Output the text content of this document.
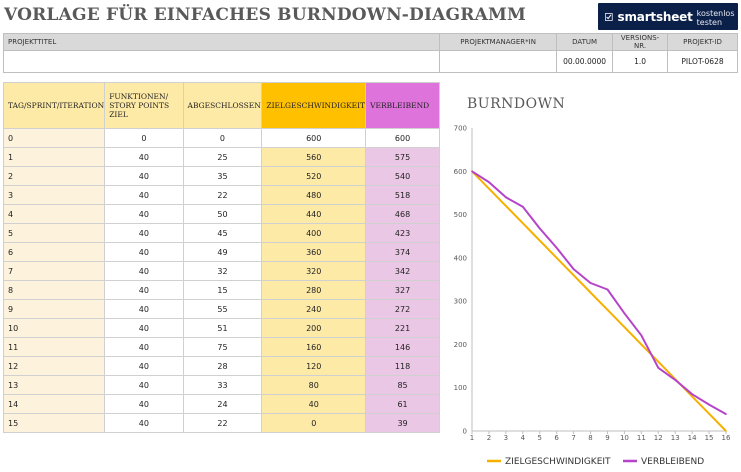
VORLAGE FÜR EINFACHES BURNDOWN-DIAGRAMM	smartsheet kostenlos testen
PROJEKTTITEL	PROJEKTMANAGER*IN	DATUM	VERSIONS-NR.	PROJEKT-ID
		00.00.0000	1.0	PILOT-0628
TAG/SPRINT/ITERATION	FUNKTIONEN/ STORY POINTS ZIEL	ABGESCHLOSSEN	ZIELGESCHWINDIGKEIT	VERBLEIBEND
0	0	0	600	600
1	40	25	560	575
2	40	35	520	540
3	40	22	480	518
4	40	50	440	468
5	40	45	400	423
6	40	49	360	374
7	40	32	320	342
8	40	15	280	327
9	40	55	240	272
10	40	51	200	221
11	40	75	160	146
12	40	28	120	118
13	40	33	80	85
14	40	24	40	61
15	40	22	0	39
BURNDOWN
0
100
200
300
400
500
600
700
1 2 3 4 5 6 7 8 9 10 11 12 13 14 15 16
ZIELGESCHWINDIGKEIT	VERBLEIBEND
